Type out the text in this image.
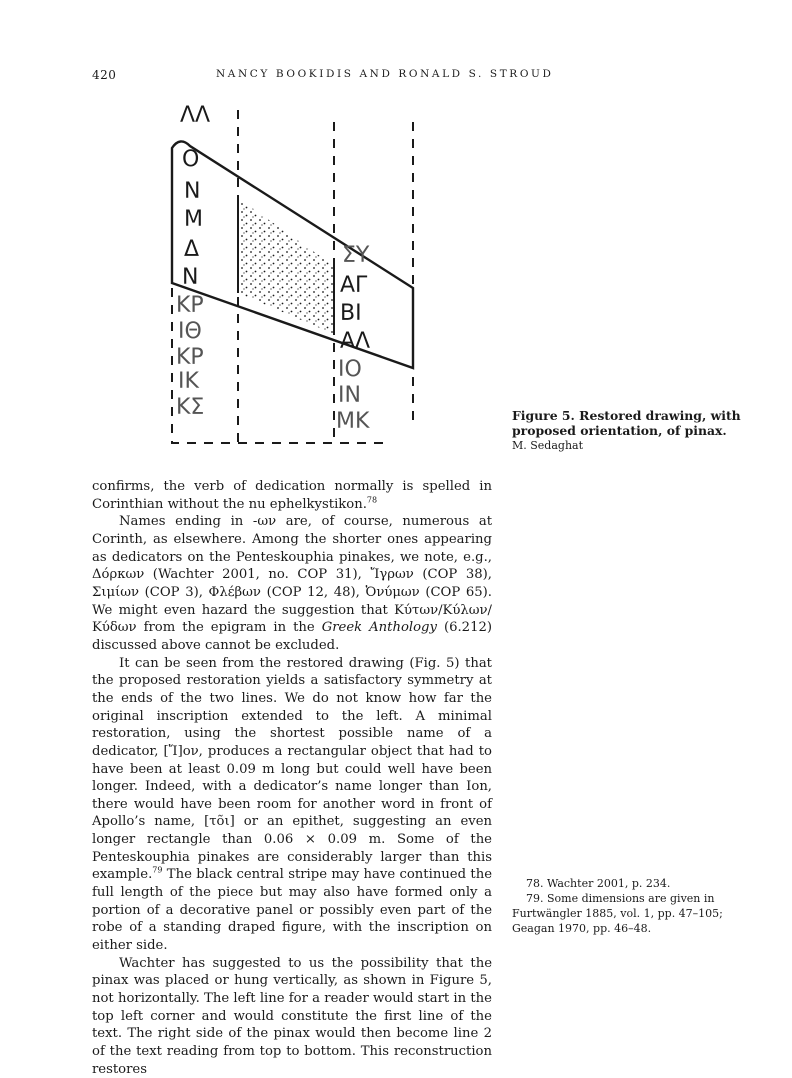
420	NANCY BOOKIDIS AND RONALD S. STROUD
ΛΛ
Ο
Ν
Μ
Δ
Ν
ΚΡ
ΙΘ
ΚΡ
ΙΚ
ΚΣ
ΣΥ
ΑΓ
ΒΙ
ΑΛ
ΙΟ
ΙΝ
ΜΚ	Figure 5. Restored drawing, with proposed orientation, of pinax.
M. Sedaghat

confirms, the verb of dedication normally is spelled in Corinthian without the nu ephelkystikon.$^{78}$

Names ending in -ων are, of course, numerous at Corinth, as elsewhere. Among the shorter ones appearing as dedicators on the Penteskouphia pinakes, we note, e.g., Δόρκων (Wachter 2001, no. COP 31), Ἴγρων (COP 38), Σιμίων (COP 3), Φλέβων (COP 12, 48), Ὀνύμων (COP 65). We might even hazard the suggestion that Κύτων/Κύλων/Κύδων from the epigram in the Greek Anthology (6.212) discussed above cannot be excluded.

It can be seen from the restored drawing (Fig. 5) that the proposed restoration yields a satisfactory symmetry at the ends of the two lines. We do not know how far the original inscription extended to the left. A minimal restoration, using the shortest possible name of a dedicator, [Ἴ]ον, produces a rectangular object that had to have been at least 0.09 m long but could well have been longer. Indeed, with a dedicator’s name longer than Ion, there would have been room for another word in front of Apollo’s name, [τõι] or an epithet, suggesting an even longer rectangle than 0.06 × 0.09 m. Some of the Penteskouphia pinakes are considerably larger than this example.$^{79}$ The black central stripe may have continued the full length of the piece but may also have formed only a portion of a decorative panel or possibly even part of the robe of a standing draped figure, with the inscription on either side.

Wachter has suggested to us the possibility that the pinax was placed or hung vertically, as shown in Figure 5, not horizontally. The left line for a reader would start in the top left corner and would constitute the first line of the text. The right side of the pinax would then become line 2 of the text reading from top to bottom. This reconstruction restores

78. Wachter 2001, p. 234.

79. Some dimensions are given in Furtwängler 1885, vol. 1, pp. 47–105; Geagan 1970, pp. 46–48.
